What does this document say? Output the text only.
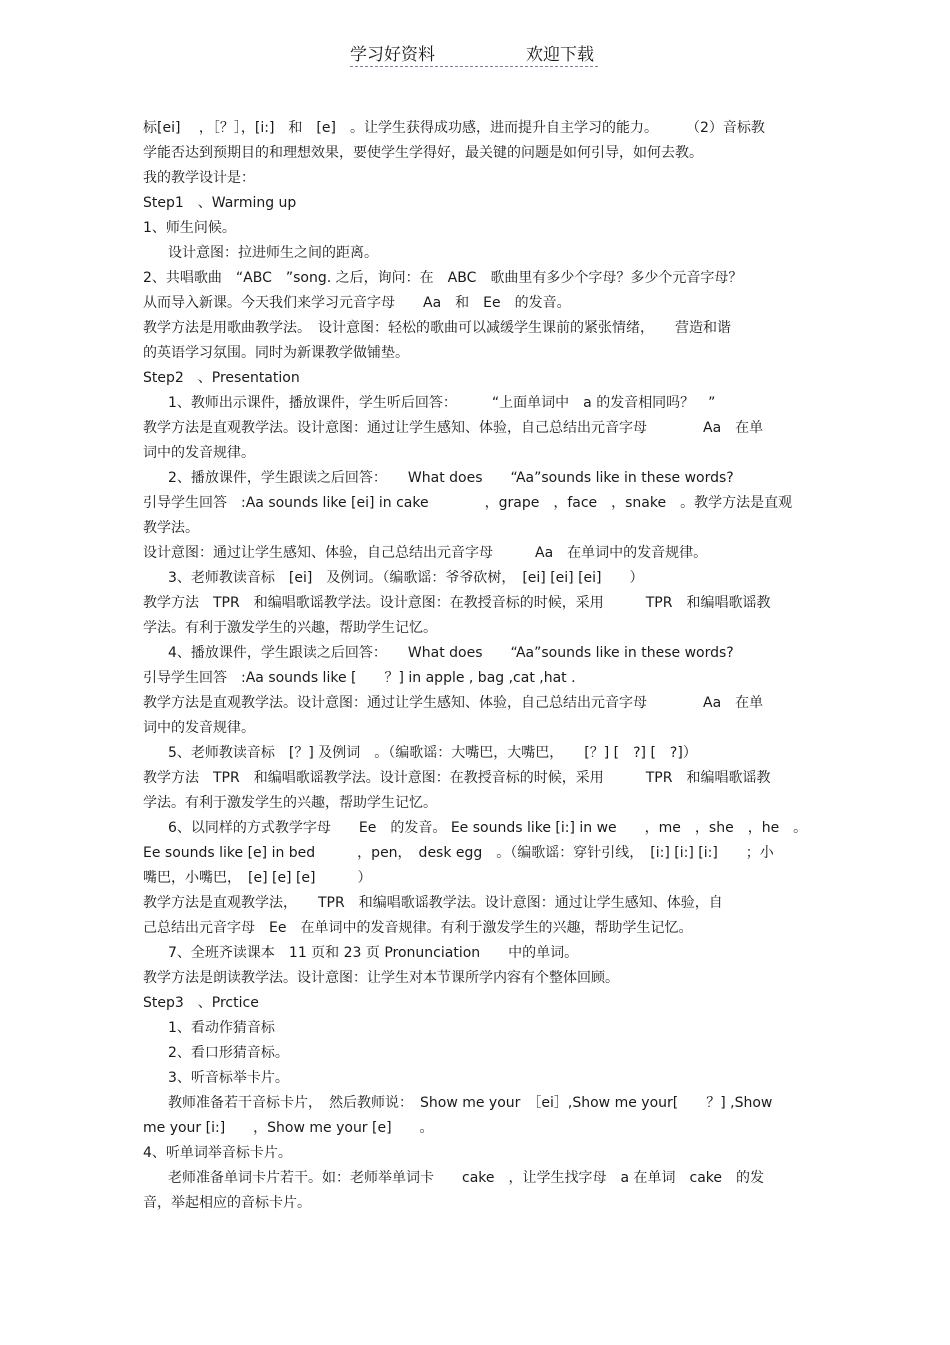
学习好资料	欢迎下载
标[ei]　 ，［？］，[i:]　和　[e]　。让学生获得成功感，进而提升自主学习的能力。　　　（2）音标教
学能否达到预期目的和理想效果，要使学生学得好，最关键的问题是如何引导，如何去教。
我的教学设计是：
Step1　、Warming up
1、师生问候。
设计意图：拉进师生之间的距离。
2、共唱歌曲　“ABC　”song. 之后，询问：在　ABC　歌曲里有多少个字母？多少个元音字母？
从而导入新课。今天我们来学习元音字母　　Aa　和　Ee　的发音。
教学方法是用歌曲教学法。　设计意图：轻松的歌曲可以减缓学生课前的紧张情绪，　　营造和谐
的英语学习氛围。同时为新课教学做铺垫。
Step2　、Presentation
1、教师出示课件，播放课件，学生听后回答：　　　“上面单词中　a 的发音相同吗？　”
教学方法是直观教学法。设计意图：通过让学生感知、体验，自己总结出元音字母　　　　Aa　在单
词中的发音规律。
2、播放课件，学生跟读之后回答：　　What does　　“Aa”sounds like in these words?
引导学生回答　:Aa sounds like [ei] in cake　　　　，grape　，face　，snake　。教学方法是直观
教学法。
设计意图：通过让学生感知、体验，自己总结出元音字母　　　Aa　在单词中的发音规律。
3、老师教读音标　[ei]　及例词。（编歌谣：爷爷砍树，　[ei] [ei] [ei]　　）
教学方法　TPR　和编唱歌谣教学法。设计意图：在教授音标的时候，采用　　　TPR　和编唱歌谣教
学法。有利于激发学生的兴趣，帮助学生记忆。
4、播放课件，学生跟读之后回答：　　What does　　“Aa”sounds like in these words?
引导学生回答　:Aa sounds like [　　？] in apple , bag ,cat ,hat .
教学方法是直观教学法。设计意图：通过让学生感知、体验，自己总结出元音字母　　　　Aa　在单
词中的发音规律。
5、老师教读音标　[？] 及例词　。（编歌谣：大嘴巴，大嘴巴，　　[？] [　?] [　?]）
教学方法　TPR　和编唱歌谣教学法。设计意图：在教授音标的时候，采用　　　TPR　和编唱歌谣教
学法。有利于激发学生的兴趣，帮助学生记忆。
6、以同样的方式教学字母　　Ee　的发音。 Ee sounds like [i:] in we　　，me　，she　，he　。
Ee sounds like [e] in bed　　　，pen，　desk egg　。（编歌谣：穿针引线，　[i:] [i:] [i:]　　；小
嘴巴，小嘴巴，　[e] [e] [e]　　　）
教学方法是直观教学法，　　TPR　和编唱歌谣教学法。设计意图：通过让学生感知、体验，自
己总结出元音字母　Ee　在单词中的发音规律。有利于激发学生的兴趣，帮助学生记忆。
7、全班齐读课本　11 页和 23 页 Pronunciation　　中的单词。
教学方法是朗读教学法。设计意图：让学生对本节课所学内容有个整体回顾。
Step3　、Prctice
1、看动作猜音标
2、看口形猜音标。
3、听音标举卡片。
教师准备若干音标卡片，　然后教师说：　Show me your　［ei］,Show me your[　　？] ,Show
me your [i:]　　，Show me your [e]　　。
4、听单词举音标卡片。
老师准备单词卡片若干。如：老师举单词卡　　cake　，让学生找字母　a 在单词　cake　的发
音，举起相应的音标卡片。
